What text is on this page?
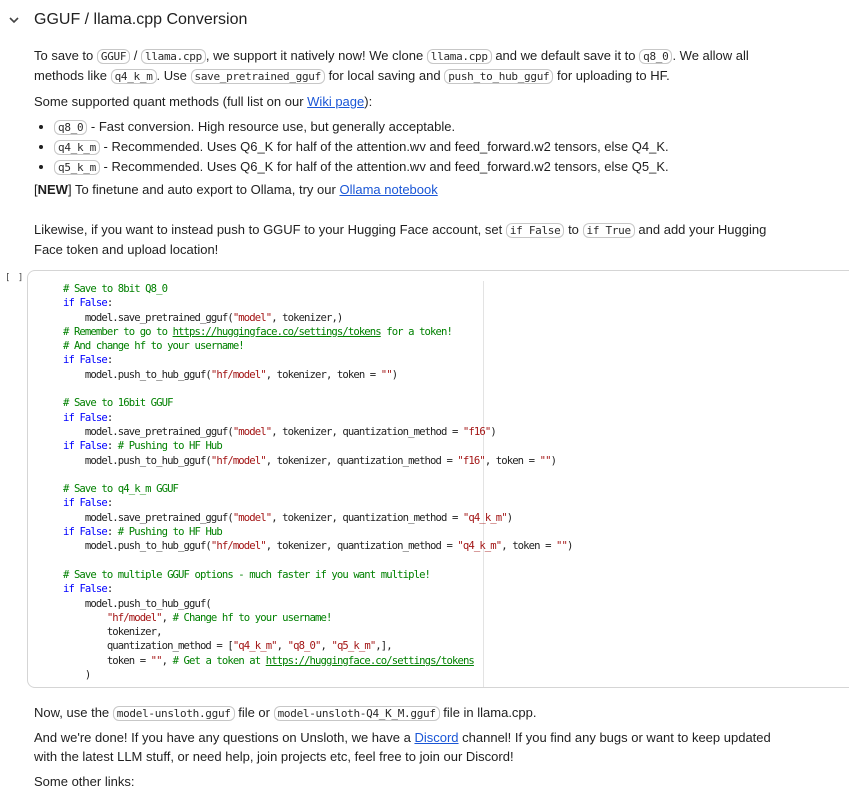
GGUF / llama.cpp Conversion
To save to GGUF / llama.cpp , we support it natively now! We clone llama.cpp and we default save it to q8_0 . We allow all methods like q4_k_m . Use save_pretrained_gguf for local saving and push_to_hub_gguf for uploading to HF.
Some supported quant methods (full list on our Wiki page):
• q8_0 - Fast conversion. High resource use, but generally acceptable.
• q4_k_m - Recommended. Uses Q6_K for half of the attention.wv and feed_forward.w2 tensors, else Q4_K.
• q5_k_m - Recommended. Uses Q6_K for half of the attention.wv and feed_forward.w2 tensors, else Q5_K.
[NEW] To finetune and auto export to Ollama, try our Ollama notebook
Likewise, if you want to instead push to GGUF to your Hugging Face account, set if False to if True and add your Hugging Face token and upload location!
[ ]
# Save to 8bit Q8_0
if False:
model.save_pretrained_gguf("model", tokenizer,)
# Remember to go to https://huggingface.co/settings/tokens for a token!
# And change hf to your username!
if False:
model.push_to_hub_gguf("hf/model", tokenizer, token = "")

# Save to 16bit GGUF
if False:
model.save_pretrained_gguf("model", tokenizer, quantization_method = "f16")
if False: # Pushing to HF Hub
model.push_to_hub_gguf("hf/model", tokenizer, quantization_method = "f16", token = "")

# Save to q4_k_m GGUF
if False:
model.save_pretrained_gguf("model", tokenizer, quantization_method = "q4_k_m")
if False: # Pushing to HF Hub
model.push_to_hub_gguf("hf/model", tokenizer, quantization_method = "q4_k_m", token = "")

# Save to multiple GGUF options - much faster if you want multiple!
if False:
model.push_to_hub_gguf(
"hf/model", # Change hf to your username!
tokenizer,
quantization_method = ["q4_k_m", "q8_0", "q5_k_m",],
token = "", # Get a token at https://huggingface.co/settings/tokens
)
Now, use the model-unsloth.gguf file or model-unsloth-Q4_K_M.gguf file in llama.cpp.
And we're done! If you have any questions on Unsloth, we have a Discord channel! If you find any bugs or want to keep updated with the latest LLM stuff, or need help, join projects etc, feel free to join our Discord!
Some other links:
